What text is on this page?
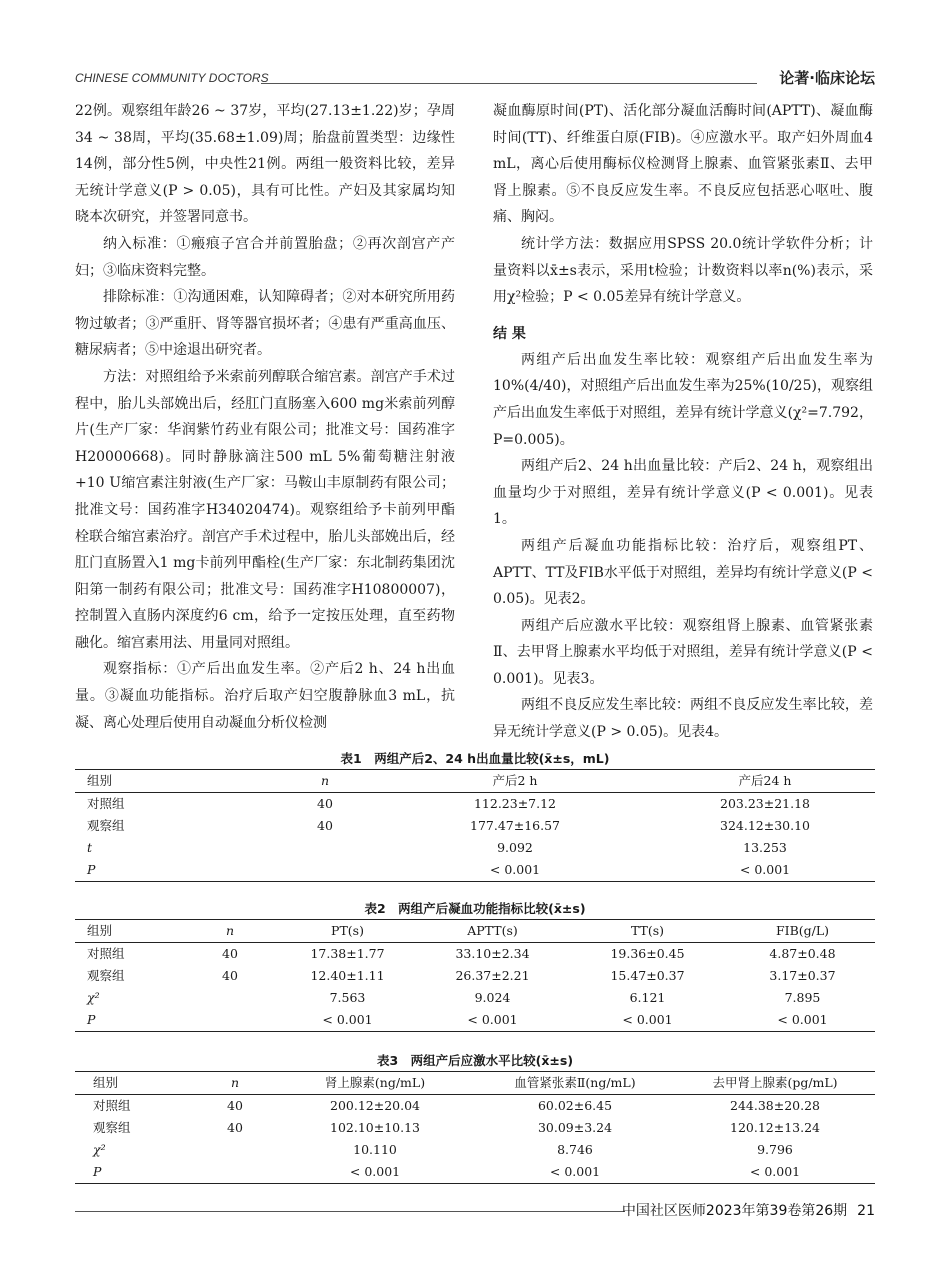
CHINESE COMMUNITY DOCTORS	论著·临床论坛

22例。观察组年龄26 ~ 37岁，平均(27.13±1.22)岁；孕周34 ~ 38周，平均(35.68±1.09)周；胎盘前置类型：边缘性14例，部分性5例，中央性21例。两组一般资料比较，差异无统计学意义(P > 0.05)，具有可比性。产妇及其家属均知晓本次研究，并签署同意书。

纳入标准：①瘢痕子宫合并前置胎盘；②再次剖宫产产妇；③临床资料完整。

排除标准：①沟通困难，认知障碍者；②对本研究所用药物过敏者；③严重肝、肾等器官损坏者；④患有严重高血压、糖尿病者；⑤中途退出研究者。

方法：对照组给予米索前列醇联合缩宫素。剖宫产手术过程中，胎儿头部娩出后，经肛门直肠塞入600 mg米索前列醇片(生产厂家：华润紫竹药业有限公司；批准文号：国药准字H20000668)。同时静脉滴注500 mL 5%葡萄糖注射液+10 U缩宫素注射液(生产厂家：马鞍山丰原制药有限公司；批准文号：国药准字H34020474)。观察组给予卡前列甲酯栓联合缩宫素治疗。剖宫产手术过程中，胎儿头部娩出后，经肛门直肠置入1 mg卡前列甲酯栓(生产厂家：东北制药集团沈阳第一制药有限公司；批准文号：国药准字H10800007)，控制置入直肠内深度约6 cm，给予一定按压处理，直至药物融化。缩宫素用法、用量同对照组。

观察指标：①产后出血发生率。②产后2 h、24 h出血量。③凝血功能指标。治疗后取产妇空腹静脉血3 mL，抗凝、离心处理后使用自动凝血分析仪检测

凝血酶原时间(PT)、活化部分凝血活酶时间(APTT)、凝血酶时间(TT)、纤维蛋白原(FIB)。④应激水平。取产妇外周血4 mL，离心后使用酶标仪检测肾上腺素、血管紧张素Ⅱ、去甲肾上腺素。⑤不良反应发生率。不良反应包括恶心呕吐、腹痛、胸闷。

统计学方法：数据应用SPSS 20.0统计学软件分析；计量资料以x̄±s表示，采用t检验；计数资料以率n(%)表示，采用χ²检验；P < 0.05差异有统计学意义。

结 果

两组产后出血发生率比较：观察组产后出血发生率为10%(4/40)，对照组产后出血发生率为25%(10/25)，观察组产后出血发生率低于对照组，差异有统计学意义(χ²=7.792，P=0.005)。

两组产后2、24 h出血量比较：产后2、24 h，观察组出血量均少于对照组，差异有统计学意义(P < 0.001)。见表1。

两组产后凝血功能指标比较：治疗后，观察组PT、APTT、TT及FIB水平低于对照组，差异均有统计学意义(P < 0.05)。见表2。

两组产后应激水平比较：观察组肾上腺素、血管紧张素Ⅱ、去甲肾上腺素水平均低于对照组，差异有统计学意义(P < 0.001)。见表3。

两组不良反应发生率比较：两组不良反应发生率比较，差异无统计学意义(P > 0.05)。见表4。

表1　两组产后2、24 h出血量比较(x̄±s，mL)
组别	n	产后2 h	产后24 h
对照组	40	112.23±7.12	203.23±21.18
观察组	40	177.47±16.57	324.12±30.10
t		9.092	13.253
P		< 0.001	< 0.001
表2　两组产后凝血功能指标比较(x̄±s)
组别	n	PT(s)	APTT(s)	TT(s)	FIB(g/L)
对照组	40	17.38±1.77	33.10±2.34	19.36±0.45	4.87±0.48
观察组	40	12.40±1.11	26.37±2.21	15.47±0.37	3.17±0.37
χ²		7.563	9.024	6.121	7.895
P		< 0.001	< 0.001	< 0.001	< 0.001
表3　两组产后应激水平比较(x̄±s)
组别	n	肾上腺素(ng/mL)	血管紧张素Ⅱ(ng/mL)	去甲肾上腺素(pg/mL)
对照组	40	200.12±20.04	60.02±6.45	244.38±20.28
观察组	40	102.10±10.13	30.09±3.24	120.12±13.24
χ²		10.110	8.746	9.796
P		< 0.001	< 0.001	< 0.001
中国社区医师2023年第39卷第26期 21
